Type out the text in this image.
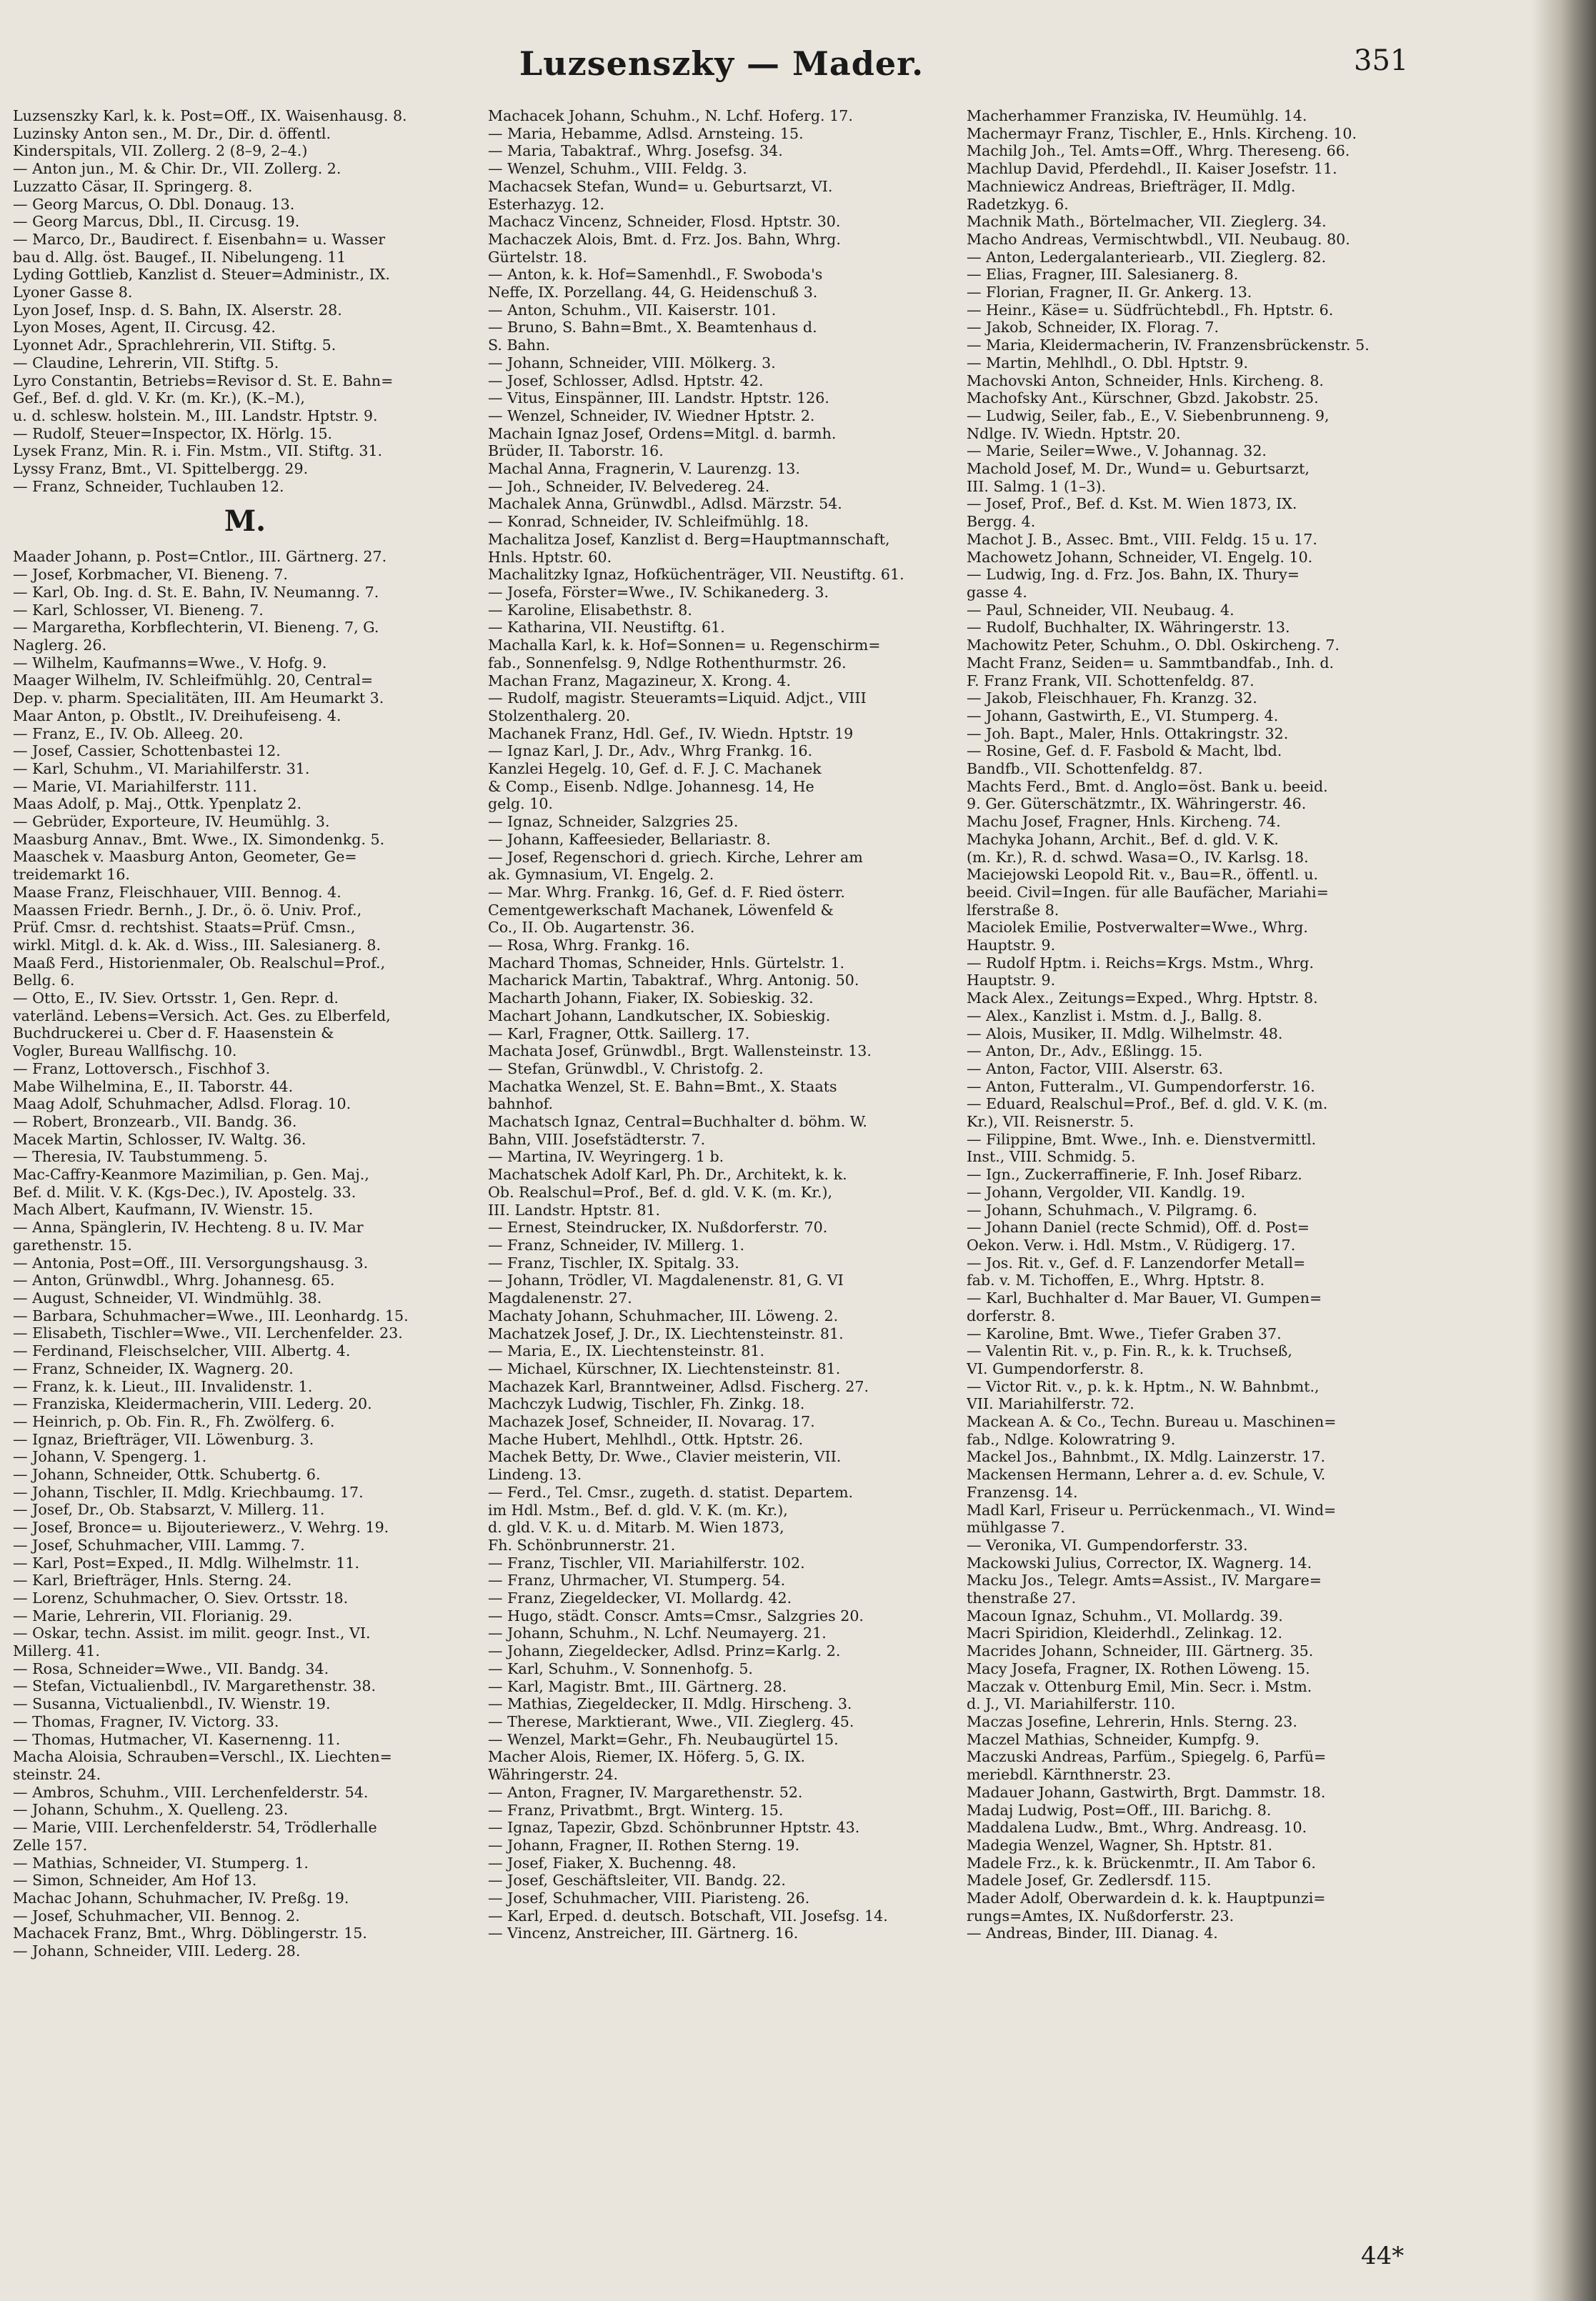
Luzsenszky — Mader.	351
Luzsenszky Karl, k. k. Post=Off., IX. Waisenhausg. 8.
Luzinsky Anton sen., M. Dr., Dir. d. öffentl.
Kinderspitals, VII. Zollerg. 2 (8–9, 2–4.)
— Anton jun., M. & Chir. Dr., VII. Zollerg. 2.
Luzzatto Cäsar, II. Springerg. 8.
— Georg Marcus, O. Dbl. Donaug. 13.
— Georg Marcus, Dbl., II. Circusg. 19.
— Marco, Dr., Baudirect. f. Eisenbahn= u. Wasser
bau d. Allg. öst. Baugef., II. Nibelungeng. 11
Lyding Gottlieb, Kanzlist d. Steuer=Administr., IX.
Lyoner Gasse 8.
Lyon Josef, Insp. d. S. Bahn, IX. Alserstr. 28.
Lyon Moses, Agent, II. Circusg. 42.
Lyonnet Adr., Sprachlehrerin, VII. Stiftg. 5.
— Claudine, Lehrerin, VII. Stiftg. 5.
Lyro Constantin, Betriebs=Revisor d. St. E. Bahn=
Gef., Bef. d. gld. V. Kr. (m. Kr.), (K.–M.),
u. d. schlesw. holstein. M., III. Landstr. Hptstr. 9.
— Rudolf, Steuer=Inspector, IX. Hörlg. 15.
Lysek Franz, Min. R. i. Fin. Mstm., VII. Stiftg. 31.
Lyssy Franz, Bmt., VI. Spittelbergg. 29.
— Franz, Schneider, Tuchlauben 12.
M.
Maader Johann, p. Post=Cntlor., III. Gärtnerg. 27.
— Josef, Korbmacher, VI. Bieneng. 7.
— Karl, Ob. Ing. d. St. E. Bahn, IV. Neumanng. 7.
— Karl, Schlosser, VI. Bieneng. 7.
— Margaretha, Korbflechterin, VI. Bieneng. 7, G.
Naglerg. 26.
— Wilhelm, Kaufmanns=Wwe., V. Hofg. 9.
Maager Wilhelm, IV. Schleifmühlg. 20, Central=
Dep. v. pharm. Specialitäten, III. Am Heumarkt 3.
Maar Anton, p. Obstlt., IV. Dreihufeiseng. 4.
— Franz, E., IV. Ob. Alleeg. 20.
— Josef, Cassier, Schottenbastei 12.
— Karl, Schuhm., VI. Mariahilferstr. 31.
— Marie, VI. Mariahilferstr. 111.
Maas Adolf, p. Maj., Ottk. Ypenplatz 2.
— Gebrüder, Exporteure, IV. Heumühlg. 3.
Maasburg Annav., Bmt. Wwe., IX. Simondenkg. 5.
Maaschek v. Maasburg Anton, Geometer, Ge=
treidemarkt 16.
Maase Franz, Fleischhauer, VIII. Bennog. 4.
Maassen Friedr. Bernh., J. Dr., ö. ö. Univ. Prof.,
Prüf. Cmsr. d. rechtshist. Staats=Prüf. Cmsn.,
wirkl. Mitgl. d. k. Ak. d. Wiss., III. Salesianerg. 8.
Maaß Ferd., Historienmaler, Ob. Realschul=Prof.,
Bellg. 6.
— Otto, E., IV. Siev. Ortsstr. 1, Gen. Repr. d.
vaterländ. Lebens=Versich. Act. Ges. zu Elberfeld,
Buchdruckerei u. Cber d. F. Haasenstein &
Vogler, Bureau Wallfischg. 10.
— Franz, Lottoversch., Fischhof 3.
Mabe Wilhelmina, E., II. Taborstr. 44.
Maag Adolf, Schuhmacher, Adlsd. Florag. 10.
— Robert, Bronzearb., VII. Bandg. 36.
Macek Martin, Schlosser, IV. Waltg. 36.
— Theresia, IV. Taubstummeng. 5.
Mac-Caffry-Keanmore Mazimilian, p. Gen. Maj.,
Bef. d. Milit. V. K. (Kgs-Dec.), IV. Apostelg. 33.
Mach Albert, Kaufmann, IV. Wienstr. 15.
— Anna, Spänglerin, IV. Hechteng. 8 u. IV. Mar
garethenstr. 15.
— Antonia, Post=Off., III. Versorgungshausg. 3.
— Anton, Grünwdbl., Whrg. Johannesg. 65.
— August, Schneider, VI. Windmühlg. 38.
— Barbara, Schuhmacher=Wwe., III. Leonhardg. 15.
— Elisabeth, Tischler=Wwe., VII. Lerchenfelder. 23.
— Ferdinand, Fleischselcher, VIII. Albertg. 4.
— Franz, Schneider, IX. Wagnerg. 20.
— Franz, k. k. Lieut., III. Invalidenstr. 1.
— Franziska, Kleidermacherin, VIII. Lederg. 20.
— Heinrich, p. Ob. Fin. R., Fh. Zwölferg. 6.
— Ignaz, Briefträger, VII. Löwenburg. 3.
— Johann, V. Spengerg. 1.
— Johann, Schneider, Ottk. Schubertg. 6.
— Johann, Tischler, II. Mdlg. Kriechbaumg. 17.
— Josef, Dr., Ob. Stabsarzt, V. Millerg. 11.
— Josef, Bronce= u. Bijouteriewerz., V. Wehrg. 19.
— Josef, Schuhmacher, VIII. Lammg. 7.
— Karl, Post=Exped., II. Mdlg. Wilhelmstr. 11.
— Karl, Briefträger, Hnls. Sterng. 24.
— Lorenz, Schuhmacher, O. Siev. Ortsstr. 18.
— Marie, Lehrerin, VII. Florianig. 29.
— Oskar, techn. Assist. im milit. geogr. Inst., VI.
Millerg. 41.
— Rosa, Schneider=Wwe., VII. Bandg. 34.
— Stefan, Victualienbdl., IV. Margarethenstr. 38.
— Susanna, Victualienbdl., IV. Wienstr. 19.
— Thomas, Fragner, IV. Victorg. 33.
— Thomas, Hutmacher, VI. Kasernenng. 11.
Macha Aloisia, Schrauben=Verschl., IX. Liechten=
steinstr. 24.
— Ambros, Schuhm., VIII. Lerchenfelderstr. 54.
— Johann, Schuhm., X. Quelleng. 23.
— Marie, VIII. Lerchenfelderstr. 54, Trödlerhalle
Zelle 157.
— Mathias, Schneider, VI. Stumperg. 1.
— Simon, Schneider, Am Hof 13.
Machac Johann, Schuhmacher, IV. Preßg. 19.
— Josef, Schuhmacher, VII. Bennog. 2.
Machacek Franz, Bmt., Whrg. Döblingerstr. 15.
— Johann, Schneider, VIII. Lederg. 28.
Machacek Johann, Schuhm., N. Lchf. Hoferg. 17.
— Maria, Hebamme, Adlsd. Arnsteing. 15.
— Maria, Tabaktraf., Whrg. Josefsg. 34.
— Wenzel, Schuhm., VIII. Feldg. 3.
Machacsek Stefan, Wund= u. Geburtsarzt, VI.
Esterhazyg. 12.
Machacz Vincenz, Schneider, Flosd. Hptstr. 30.
Machaczek Alois, Bmt. d. Frz. Jos. Bahn, Whrg.
Gürtelstr. 18.
— Anton, k. k. Hof=Samenhdl., F. Swoboda's
Neffe, IX. Porzellang. 44, G. Heidenschuß 3.
— Anton, Schuhm., VII. Kaiserstr. 101.
— Bruno, S. Bahn=Bmt., X. Beamtenhaus d.
S. Bahn.
— Johann, Schneider, VIII. Mölkerg. 3.
— Josef, Schlosser, Adlsd. Hptstr. 42.
— Vitus, Einspänner, III. Landstr. Hptstr. 126.
— Wenzel, Schneider, IV. Wiedner Hptstr. 2.
Machain Ignaz Josef, Ordens=Mitgl. d. barmh.
Brüder, II. Taborstr. 16.
Machal Anna, Fragnerin, V. Laurenzg. 13.
— Joh., Schneider, IV. Belvedereg. 24.
Machalek Anna, Grünwdbl., Adlsd. Märzstr. 54.
— Konrad, Schneider, IV. Schleifmühlg. 18.
Machalitza Josef, Kanzlist d. Berg=Hauptmannschaft,
Hnls. Hptstr. 60.
Machalitzky Ignaz, Hofküchenträger, VII. Neustiftg. 61.
— Josefa, Förster=Wwe., IV. Schikanederg. 3.
— Karoline, Elisabethstr. 8.
— Katharina, VII. Neustiftg. 61.
Machalla Karl, k. k. Hof=Sonnen= u. Regenschirm=
fab., Sonnenfelsg. 9, Ndlge Rothenthurmstr. 26.
Machan Franz, Magazineur, X. Krong. 4.
— Rudolf, magistr. Steueramts=Liquid. Adjct., VIII
Stolzenthalerg. 20.
Machanek Franz, Hdl. Gef., IV. Wiedn. Hptstr. 19
— Ignaz Karl, J. Dr., Adv., Whrg Frankg. 16.
Kanzlei Hegelg. 10, Gef. d. F. J. C. Machanek
& Comp., Eisenb. Ndlge. Johannesg. 14, He
gelg. 10.
— Ignaz, Schneider, Salzgries 25.
— Johann, Kaffeesieder, Bellariastr. 8.
— Josef, Regenschori d. griech. Kirche, Lehrer am
ak. Gymnasium, VI. Engelg. 2.
— Mar. Whrg. Frankg. 16, Gef. d. F. Ried österr.
Cementgewerkschaft Machanek, Löwenfeld &
Co., II. Ob. Augartenstr. 36.
— Rosa, Whrg. Frankg. 16.
Machard Thomas, Schneider, Hnls. Gürtelstr. 1.
Macharick Martin, Tabaktraf., Whrg. Antonig. 50.
Macharth Johann, Fiaker, IX. Sobieskig. 32.
Machart Johann, Landkutscher, IX. Sobieskig.
— Karl, Fragner, Ottk. Saillerg. 17.
Machata Josef, Grünwdbl., Brgt. Wallensteinstr. 13.
— Stefan, Grünwdbl., V. Christofg. 2.
Machatka Wenzel, St. E. Bahn=Bmt., X. Staats
bahnhof.
Machatsch Ignaz, Central=Buchhalter d. böhm. W.
Bahn, VIII. Josefstädterstr. 7.
— Martina, IV. Weyringerg. 1 b.
Machatschek Adolf Karl, Ph. Dr., Architekt, k. k.
Ob. Realschul=Prof., Bef. d. gld. V. K. (m. Kr.),
III. Landstr. Hptstr. 81.
— Ernest, Steindrucker, IX. Nußdorferstr. 70.
— Franz, Schneider, IV. Millerg. 1.
— Franz, Tischler, IX. Spitalg. 33.
— Johann, Trödler, VI. Magdalenenstr. 81, G. VI
Magdalenenstr. 27.
Machaty Johann, Schuhmacher, III. Löweng. 2.
Machatzek Josef, J. Dr., IX. Liechtensteinstr. 81.
— Maria, E., IX. Liechtensteinstr. 81.
— Michael, Kürschner, IX. Liechtensteinstr. 81.
Machazek Karl, Branntweiner, Adlsd. Fischerg. 27.
Machczyk Ludwig, Tischler, Fh. Zinkg. 18.
Machazek Josef, Schneider, II. Novarag. 17.
Mache Hubert, Mehlhdl., Ottk. Hptstr. 26.
Machek Betty, Dr. Wwe., Clavier meisterin, VII.
Lindeng. 13.
— Ferd., Tel. Cmsr., zugeth. d. statist. Departem.
im Hdl. Mstm., Bef. d. gld. V. K. (m. Kr.),
d. gld. V. K. u. d. Mitarb. M. Wien 1873,
Fh. Schönbrunnerstr. 21.
— Franz, Tischler, VII. Mariahilferstr. 102.
— Franz, Uhrmacher, VI. Stumperg. 54.
— Franz, Ziegeldecker, VI. Mollardg. 42.
— Hugo, städt. Conscr. Amts=Cmsr., Salzgries 20.
— Johann, Schuhm., N. Lchf. Neumayerg. 21.
— Johann, Ziegeldecker, Adlsd. Prinz=Karlg. 2.
— Karl, Schuhm., V. Sonnenhofg. 5.
— Karl, Magistr. Bmt., III. Gärtnerg. 28.
— Mathias, Ziegeldecker, II. Mdlg. Hirscheng. 3.
— Therese, Marktierant, Wwe., VII. Zieglerg. 45.
— Wenzel, Markt=Gehr., Fh. Neubaugürtel 15.
Macher Alois, Riemer, IX. Höferg. 5, G. IX.
Währingerstr. 24.
— Anton, Fragner, IV. Margarethenstr. 52.
— Franz, Privatbmt., Brgt. Winterg. 15.
— Ignaz, Tapezir, Gbzd. Schönbrunner Hptstr. 43.
— Johann, Fragner, II. Rothen Sterng. 19.
— Josef, Fiaker, X. Buchenng. 48.
— Josef, Geschäftsleiter, VII. Bandg. 22.
— Josef, Schuhmacher, VIII. Piaristeng. 26.
— Karl, Erped. d. deutsch. Botschaft, VII. Josefsg. 14.
— Vincenz, Anstreicher, III. Gärtnerg. 16.
Macherhammer Franziska, IV. Heumühlg. 14.
Machermayr Franz, Tischler, E., Hnls. Kircheng. 10.
Machilg Joh., Tel. Amts=Off., Whrg. Thereseng. 66.
Machlup David, Pferdehdl., II. Kaiser Josefstr. 11.
Machniewicz Andreas, Briefträger, II. Mdlg.
Radetzkyg. 6.
Machnik Math., Börtelmacher, VII. Zieglerg. 34.
Macho Andreas, Vermischtwbdl., VII. Neubaug. 80.
— Anton, Ledergalanteriearb., VII. Zieglerg. 82.
— Elias, Fragner, III. Salesianerg. 8.
— Florian, Fragner, II. Gr. Ankerg. 13.
— Heinr., Käse= u. Südfrüchtebdl., Fh. Hptstr. 6.
— Jakob, Schneider, IX. Florag. 7.
— Maria, Kleidermacherin, IV. Franzensbrückenstr. 5.
— Martin, Mehlhdl., O. Dbl. Hptstr. 9.
Machovski Anton, Schneider, Hnls. Kircheng. 8.
Machofsky Ant., Kürschner, Gbzd. Jakobstr. 25.
— Ludwig, Seiler, fab., E., V. Siebenbrunneng. 9,
Ndlge. IV. Wiedn. Hptstr. 20.
— Marie, Seiler=Wwe., V. Johannag. 32.
Machold Josef, M. Dr., Wund= u. Geburtsarzt,
III. Salmg. 1 (1–3).
— Josef, Prof., Bef. d. Kst. M. Wien 1873, IX.
Bergg. 4.
Machot J. B., Assec. Bmt., VIII. Feldg. 15 u. 17.
Machowetz Johann, Schneider, VI. Engelg. 10.
— Ludwig, Ing. d. Frz. Jos. Bahn, IX. Thury=
gasse 4.
— Paul, Schneider, VII. Neubaug. 4.
— Rudolf, Buchhalter, IX. Währingerstr. 13.
Machowitz Peter, Schuhm., O. Dbl. Oskircheng. 7.
Macht Franz, Seiden= u. Sammtbandfab., Inh. d.
F. Franz Frank, VII. Schottenfeldg. 87.
— Jakob, Fleischhauer, Fh. Kranzg. 32.
— Johann, Gastwirth, E., VI. Stumperg. 4.
— Joh. Bapt., Maler, Hnls. Ottakringstr. 32.
— Rosine, Gef. d. F. Fasbold & Macht, lbd.
Bandfb., VII. Schottenfeldg. 87.
Machts Ferd., Bmt. d. Anglo=öst. Bank u. beeid.
9. Ger. Güterschätzmtr., IX. Währingerstr. 46.
Machu Josef, Fragner, Hnls. Kircheng. 74.
Machyka Johann, Archit., Bef. d. gld. V. K.
(m. Kr.), R. d. schwd. Wasa=O., IV. Karlsg. 18.
Maciejowski Leopold Rit. v., Bau=R., öffentl. u.
beeid. Civil=Ingen. für alle Baufächer, Mariahi=
lferstraße 8.
Maciolek Emilie, Postverwalter=Wwe., Whrg.
Hauptstr. 9.
— Rudolf Hptm. i. Reichs=Krgs. Mstm., Whrg.
Hauptstr. 9.
Mack Alex., Zeitungs=Exped., Whrg. Hptstr. 8.
— Alex., Kanzlist i. Mstm. d. J., Ballg. 8.
— Alois, Musiker, II. Mdlg. Wilhelmstr. 48.
— Anton, Dr., Adv., Eßlingg. 15.
— Anton, Factor, VIII. Alserstr. 63.
— Anton, Futteralm., VI. Gumpendorferstr. 16.
— Eduard, Realschul=Prof., Bef. d. gld. V. K. (m.
Kr.), VII. Reisnerstr. 5.
— Filippine, Bmt. Wwe., Inh. e. Dienstvermittl.
Inst., VIII. Schmidg. 5.
— Ign., Zuckerraffinerie, F. Inh. Josef Ribarz.
— Johann, Vergolder, VII. Kandlg. 19.
— Johann, Schuhmach., V. Pilgramg. 6.
— Johann Daniel (recte Schmid), Off. d. Post=
Oekon. Verw. i. Hdl. Mstm., V. Rüdigerg. 17.
— Jos. Rit. v., Gef. d. F. Lanzendorfer Metall=
fab. v. M. Tichoffen, E., Whrg. Hptstr. 8.
— Karl, Buchhalter d. Mar Bauer, VI. Gumpen=
dorferstr. 8.
— Karoline, Bmt. Wwe., Tiefer Graben 37.
— Valentin Rit. v., p. Fin. R., k. k. Truchseß,
VI. Gumpendorferstr. 8.
— Victor Rit. v., p. k. k. Hptm., N. W. Bahnbmt.,
VII. Mariahilferstr. 72.
Mackean A. & Co., Techn. Bureau u. Maschinen=
fab., Ndlge. Kolowratring 9.
Mackel Jos., Bahnbmt., IX. Mdlg. Lainzerstr. 17.
Mackensen Hermann, Lehrer a. d. ev. Schule, V.
Franzensg. 14.
Madl Karl, Friseur u. Perrückenmach., VI. Wind=
mühlgasse 7.
— Veronika, VI. Gumpendorferstr. 33.
Mackowski Julius, Corrector, IX. Wagnerg. 14.
Macku Jos., Telegr. Amts=Assist., IV. Margare=
thenstraße 27.
Macoun Ignaz, Schuhm., VI. Mollardg. 39.
Macri Spiridion, Kleiderhdl., Zelinkag. 12.
Macrides Johann, Schneider, III. Gärtnerg. 35.
Macy Josefa, Fragner, IX. Rothen Löweng. 15.
Maczak v. Ottenburg Emil, Min. Secr. i. Mstm.
d. J., VI. Mariahilferstr. 110.
Maczas Josefine, Lehrerin, Hnls. Sterng. 23.
Maczel Mathias, Schneider, Kumpfg. 9.
Maczuski Andreas, Parfüm., Spiegelg. 6, Parfü=
meriebdl. Kärnthnerstr. 23.
Madauer Johann, Gastwirth, Brgt. Dammstr. 18.
Madaj Ludwig, Post=Off., III. Barichg. 8.
Maddalena Ludw., Bmt., Whrg. Andreasg. 10.
Madegia Wenzel, Wagner, Sh. Hptstr. 81.
Madele Frz., k. k. Brückenmtr., II. Am Tabor 6.
Madele Josef, Gr. Zedlersdf. 115.
Mader Adolf, Oberwardein d. k. k. Hauptpunzi=
rungs=Amtes, IX. Nußdorferstr. 23.
— Andreas, Binder, III. Dianag. 4.
44*
